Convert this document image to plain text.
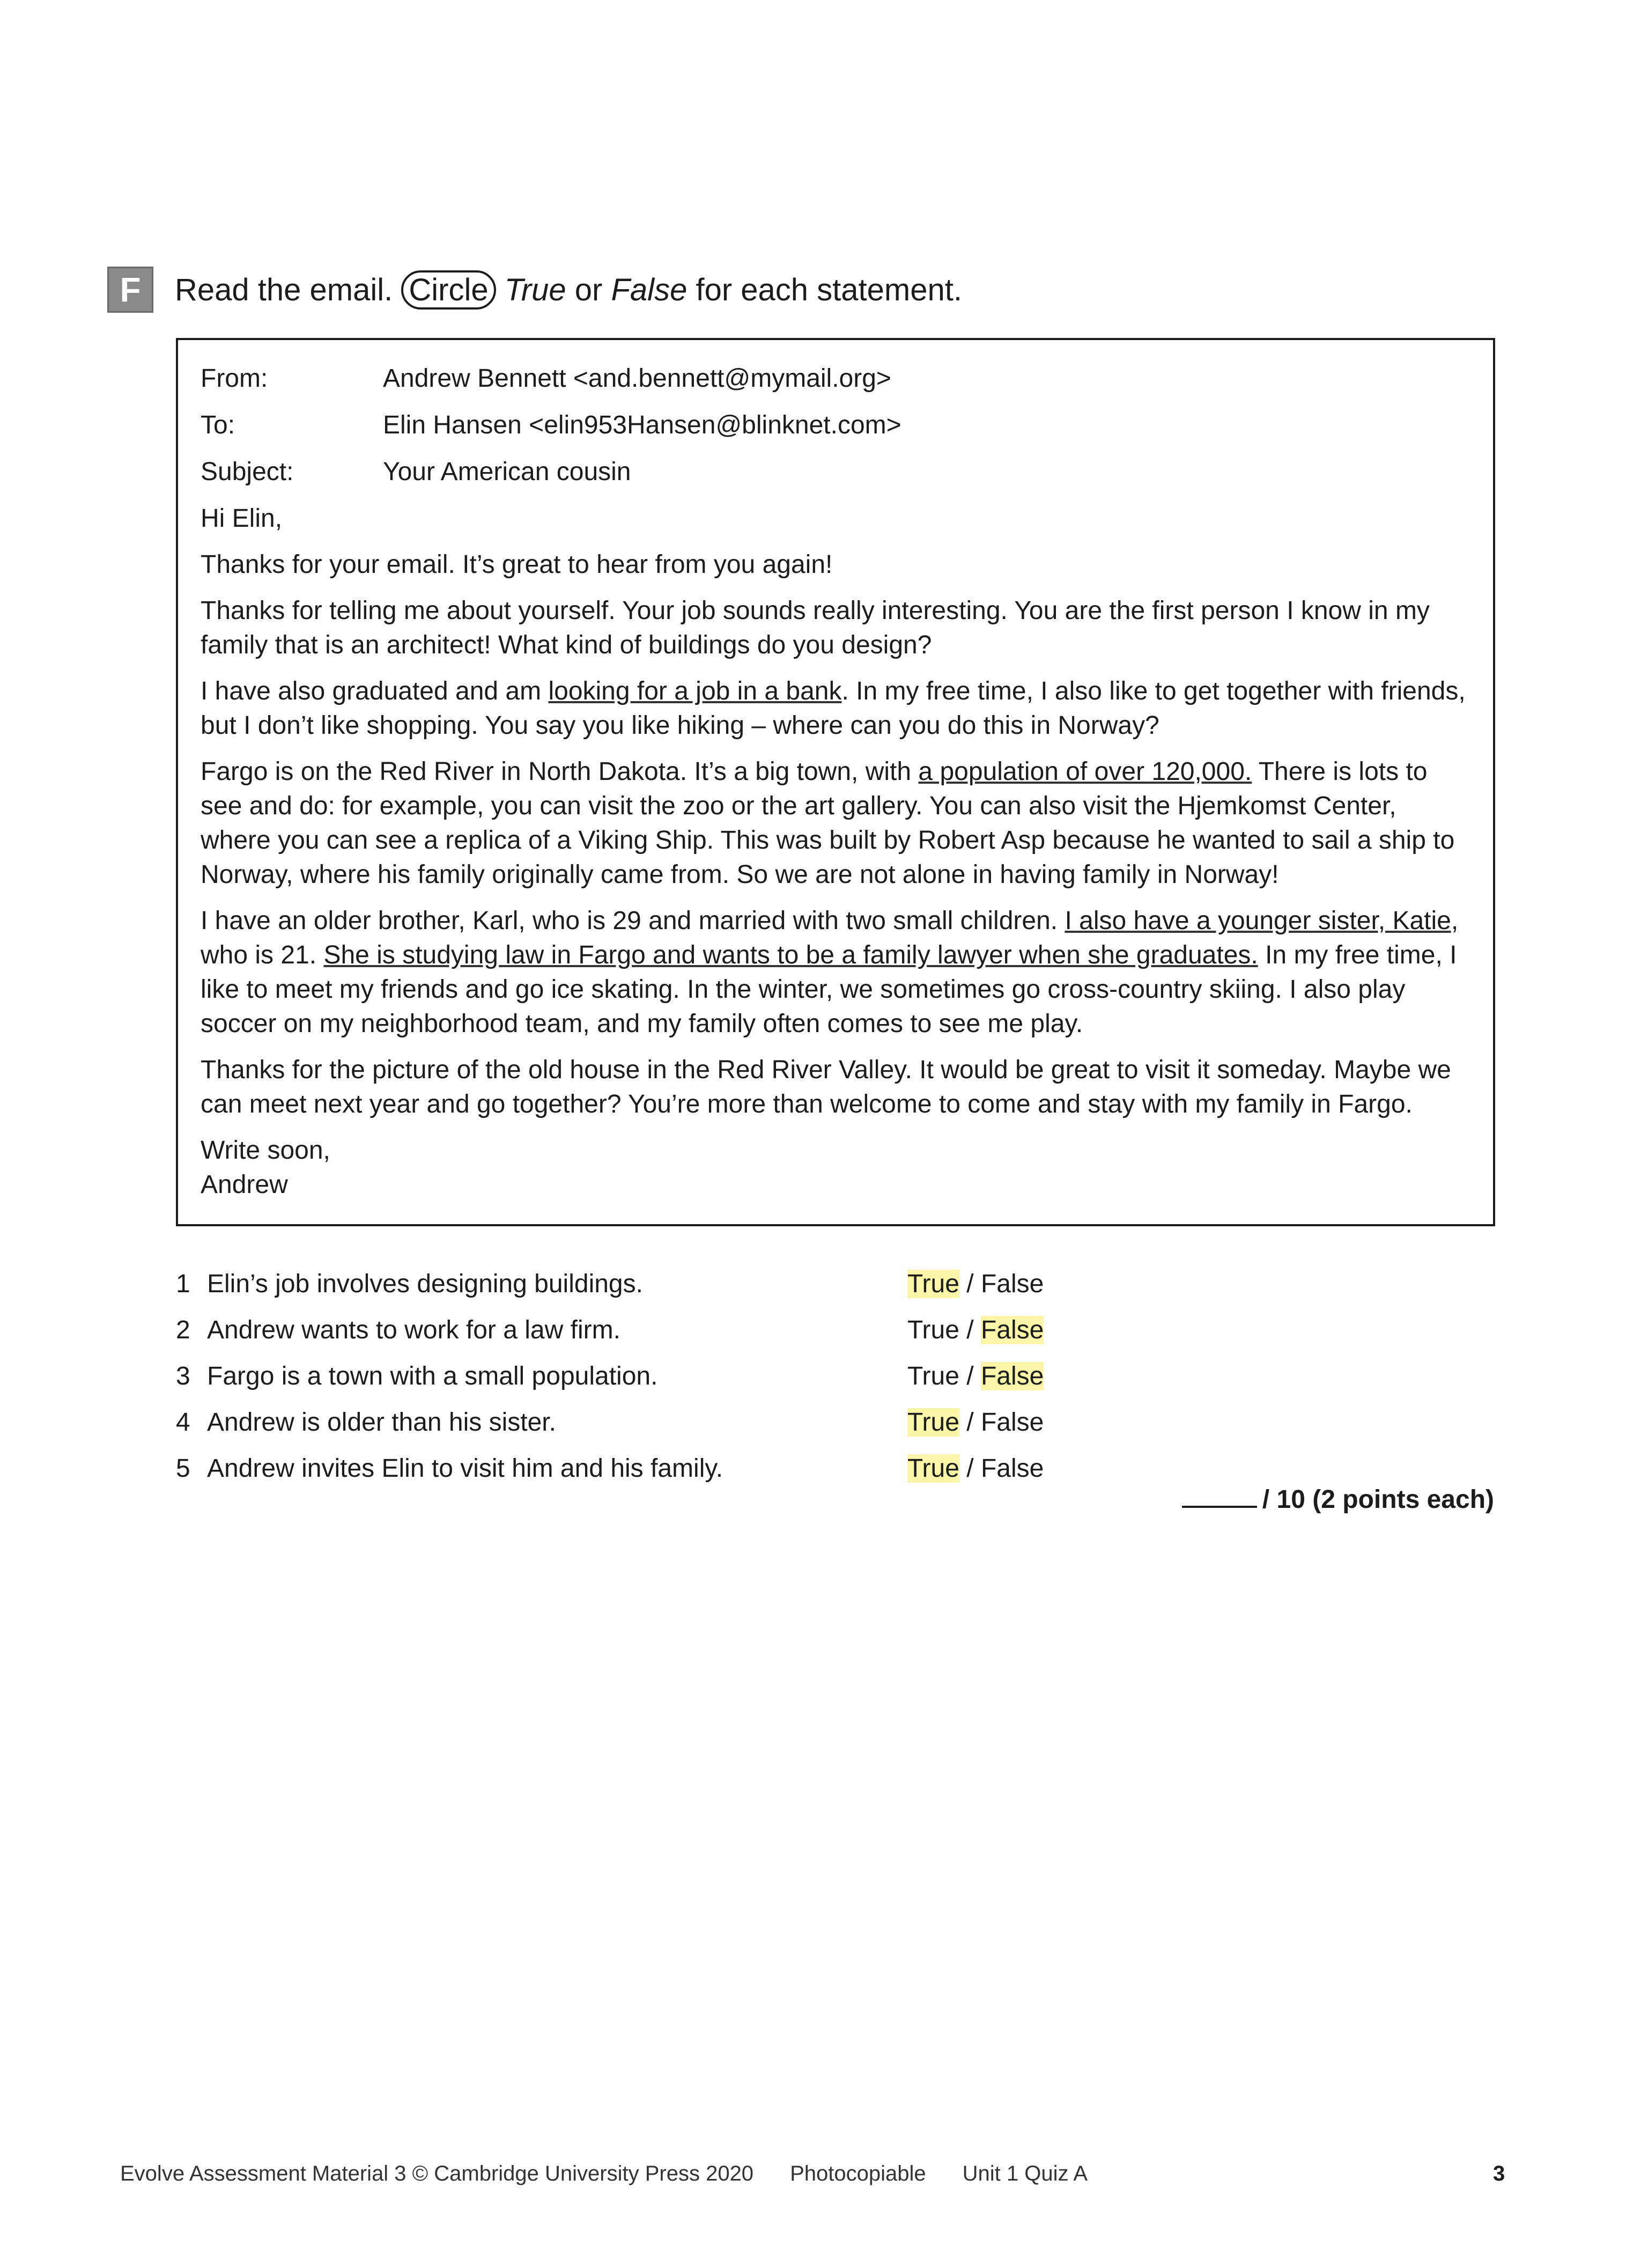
F	Read the email. Circle True or False for each statement.
From:	Andrew Bennett <and.bennett@mymail.org>
To:	Elin Hansen <elin953Hansen@blinknet.com>
Subject:	Your American cousin
Hi Elin,

Thanks for your email. It’s great to hear from you again!

Thanks for telling me about yourself. Your job sounds really interesting. You are the first person I know in my family that is an architect! What kind of buildings do you design?

I have also graduated and am looking for a job in a bank. In my free time, I also like to get together with friends, but I don’t like shopping. You say you like hiking – where can you do this in Norway?

Fargo is on the Red River in North Dakota. It’s a big town, with a population of over 120,000. There is lots to see and do: for example, you can visit the zoo or the art gallery. You can also visit the Hjemkomst Center, where you can see a replica of a Viking Ship. This was built by Robert Asp because he wanted to sail a ship to Norway, where his family originally came from. So we are not alone in having family in Norway!

I have an older brother, Karl, who is 29 and married with two small children. I also have a younger sister, Katie, who is 21. She is studying law in Fargo and wants to be a family lawyer when she graduates. In my free time, I like to meet my friends and go ice skating. In the winter, we sometimes go cross-country skiing. I also play soccer on my neighborhood team, and my family often comes to see me play.

Thanks for the picture of the old house in the Red River Valley. It would be great to visit it someday. Maybe we can meet next year and go together? You’re more than welcome to come and stay with my family in Fargo.

Write soon,
Andrew
1 Elin’s job involves designing buildings.	True / False
2 Andrew wants to work for a law firm.	True / False
3 Fargo is a town with a small population.	True / False
4 Andrew is older than his sister.	True / False
5 Andrew invites Elin to visit him and his family.	True / False
/ 10 (2 points each)
Evolve Assessment Material 3 © Cambridge University Press 2020 Photocopiable Unit 1 Quiz A	3
